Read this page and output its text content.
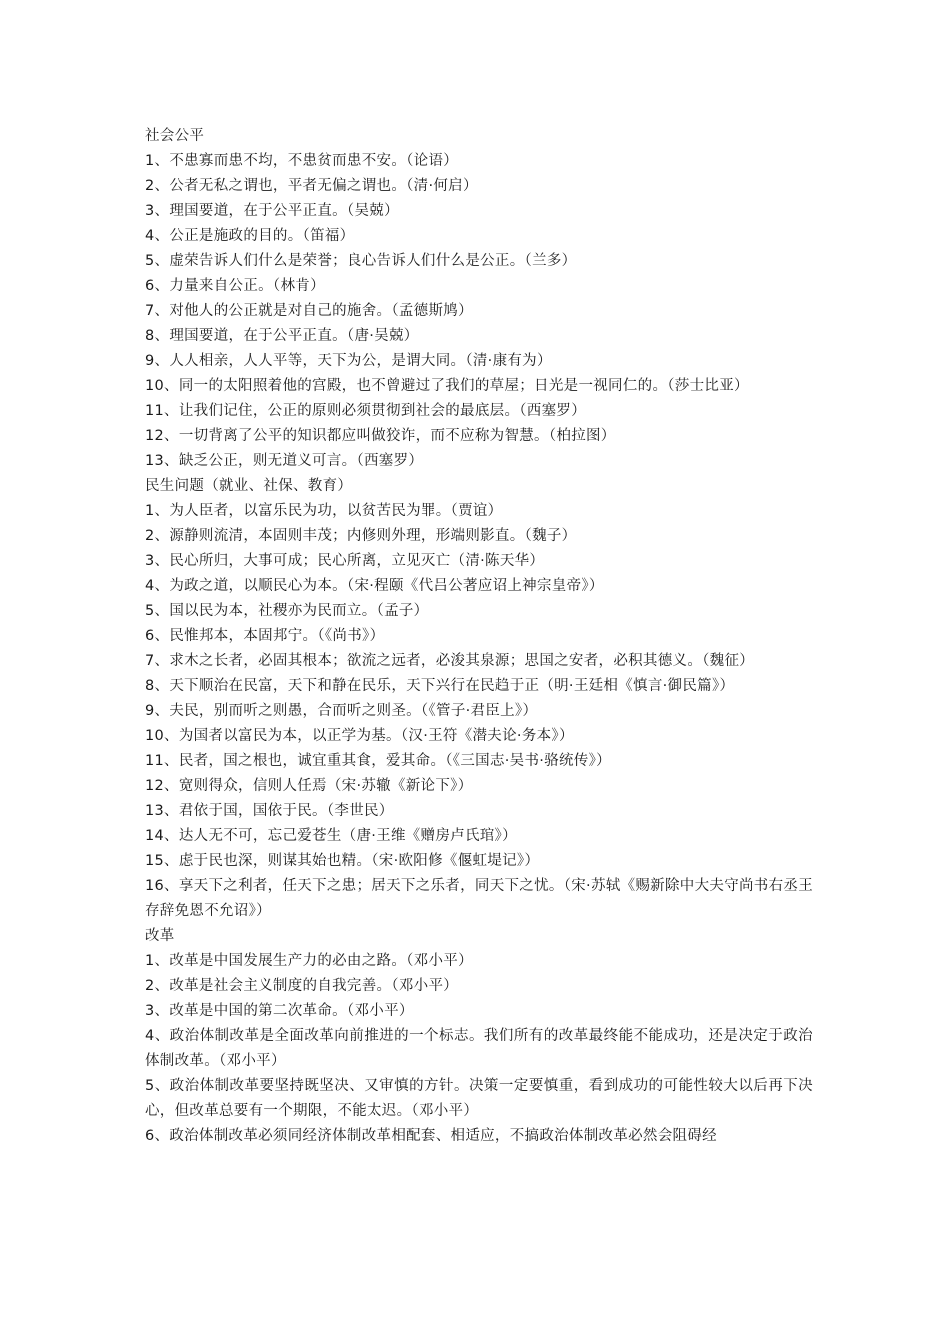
社会公平

1、不患寡而患不均，不患贫而患不安。（论语）

2、公者无私之谓也，平者无偏之谓也。（清·何启）

3、理国要道，在于公平正直。（吴兢）

4、公正是施政的目的。（笛福）

5、虚荣告诉人们什么是荣誉；良心告诉人们什么是公正。（兰多）

6、力量来自公正。（林肯）

7、对他人的公正就是对自己的施舍。（孟德斯鸠）

8、理国要道，在于公平正直。（唐·吴兢）

9、人人相亲，人人平等，天下为公，是谓大同。（清·康有为）

10、同一的太阳照着他的宫殿，也不曾避过了我们的草屋；日光是一视同仁的。（莎士比亚）

11、让我们记住，公正的原则必须贯彻到社会的最底层。（西塞罗）

12、一切背离了公平的知识都应叫做狡诈，而不应称为智慧。（柏拉图）

13、缺乏公正，则无道义可言。（西塞罗）

民生问题（就业、社保、教育）

1、为人臣者，以富乐民为功，以贫苦民为罪。（贾谊）

2、源静则流清，本固则丰茂；内修则外理，形端则影直。（魏子）

3、民心所归，大事可成；民心所离，立见灭亡（清·陈天华）

4、为政之道，以顺民心为本。（宋·程颐《代吕公著应诏上神宗皇帝》）

5、国以民为本，社稷亦为民而立。（孟子）

6、民惟邦本，本固邦宁。（《尚书》）

7、求木之长者，必固其根本；欲流之远者，必浚其泉源；思国之安者，必积其德义。（魏征）

8、天下顺治在民富，天下和静在民乐，天下兴行在民趋于正（明·王廷相《慎言·御民篇》）

9、夫民，别而听之则愚，合而听之则圣。（《管子·君臣上》）

10、为国者以富民为本，以正学为基。（汉·王符《潜夫论·务本》）

11、民者，国之根也，诚宜重其食，爱其命。（《三国志·吴书·骆统传》）

12、宽则得众，信则人任焉（宋·苏辙《新论下》）

13、君依于国，国依于民。（李世民）

14、达人无不可，忘己爱苍生（唐·王维《赠房卢氏琯》）

15、虑于民也深，则谋其始也精。（宋·欧阳修《偃虹堤记》）

16、享天下之利者，任天下之患；居天下之乐者，同天下之忧。（宋·苏轼《赐新除中大夫守尚书右丞王存辞免恩不允诏》）

改革

1、改革是中国发展生产力的必由之路。（邓小平）

2、改革是社会主义制度的自我完善。（邓小平）

3、改革是中国的第二次革命。（邓小平）

4、政治体制改革是全面改革向前推进的一个标志。我们所有的改革最终能不能成功，还是决定于政治体制改革。（邓小平）

5、政治体制改革要坚持既坚决、又审慎的方针。决策一定要慎重，看到成功的可能性较大以后再下决心，但改革总要有一个期限，不能太迟。（邓小平）

6、政治体制改革必须同经济体制改革相配套、相适应，不搞政治体制改革必然会阻碍经
